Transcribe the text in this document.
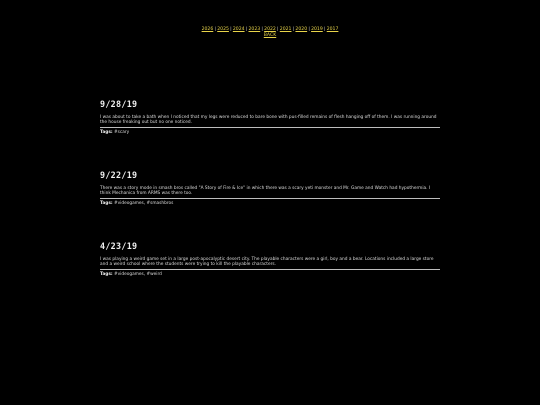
2026|2025|2024|2023|2022|2021|2020|2019|2017
BACK
9/28/19

I was about to take a bath when I noticed that my legs were reduced to bare bone with pus-filled remains of flesh hanging off of them. I was running around the house freaking out but no one noticed.

Tags: #scary

9/22/19

There was a story mode in smash bros called "A Story of Fire & Ice" in which there was a scary yeti monster and Mr. Game and Watch had hypothermia. I think Mechanica from ARMS was there too.

Tags: #videogames, #smashbros

4/23/19

I was playing a weird game set in a large post-apocalyptic desert city. The playable characters were a girl, boy and a bear. Locations included a large store and a weird school where the students were trying to kill the playable characters.

Tags: #videogames, #weird
